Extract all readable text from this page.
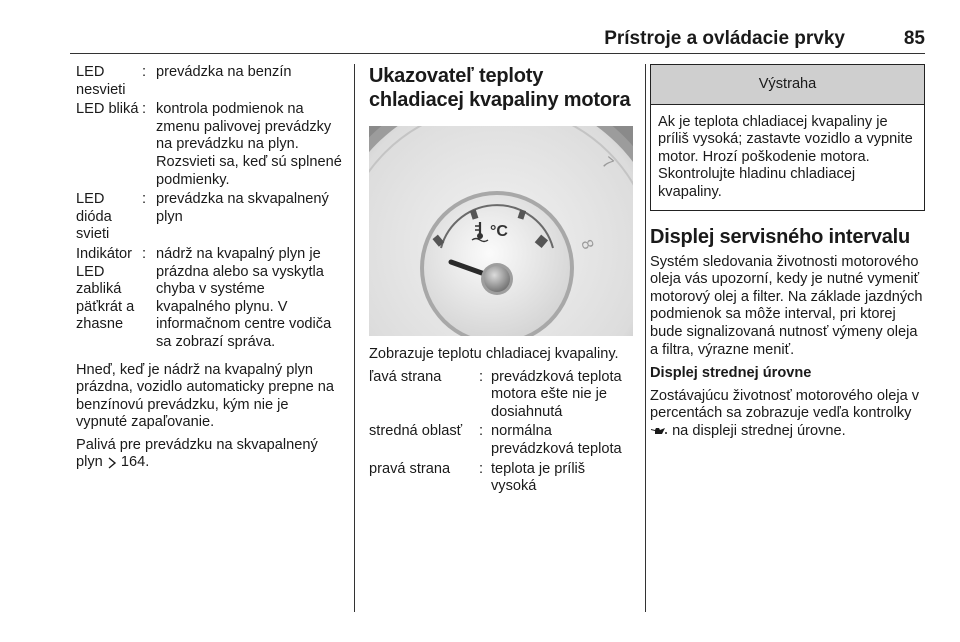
Prístroje a ovládacie prvky	85
LED nesvieti
: prevádzka na benzín
LED bliká : kontrola podmienok na zmenu palivovej prevádzky na prevádzku na plyn. Rozsvieti sa, keď sú splnené podmienky.
LED dióda svieti
: prevádzka na skvapalnený plyn
Indikátor LED zabliká päťkrát a zhasne
: nádrž na kvapalný plyn je prázdna alebo sa vyskytla chyba v systéme kvapalného plynu. V informačnom centre vodiča sa zobrazí správa.

Hneď, keď je nádrž na kvapalný plyn prázdna, vozidlo automaticky prepne na benzínovú prevádzku, kým nie je vypnuté zapaľovanie.

Palivá pre prevádzku na skvapalnený plyn 164.

Ukazovateľ teploty chladiacej kvapaliny motora
7
8
°C

Zobrazuje teplotu chladiacej kvapaliny.

ľavá strana	: prevádzková teplota motora ešte nie je dosiahnutá
stredná oblasť	: normálna prevádzková teplota
pravá strana	: teplota je príliš vysoká
Výstraha
Ak je teplota chladiacej kvapaliny je príliš vysoká; zastavte vozidlo a vypnite motor. Hrozí poškodenie motora. Skontrolujte hladinu chladiacej kvapaliny.
Displej servisného intervalu

Systém sledovania životnosti motorového oleja vás upozorní, kedy je nutné vymeniť motorový olej a filter. Na základe jazdných podmienok sa môže interval, pri ktorej bude signalizovaná nutnosť výmeny oleja a filtra, výrazne meniť.

Displej strednej úrovne

Zostávajúcu životnosť motorového oleja v percentách sa zobrazuje vedľa kontrolky  na displeji strednej úrovne.
